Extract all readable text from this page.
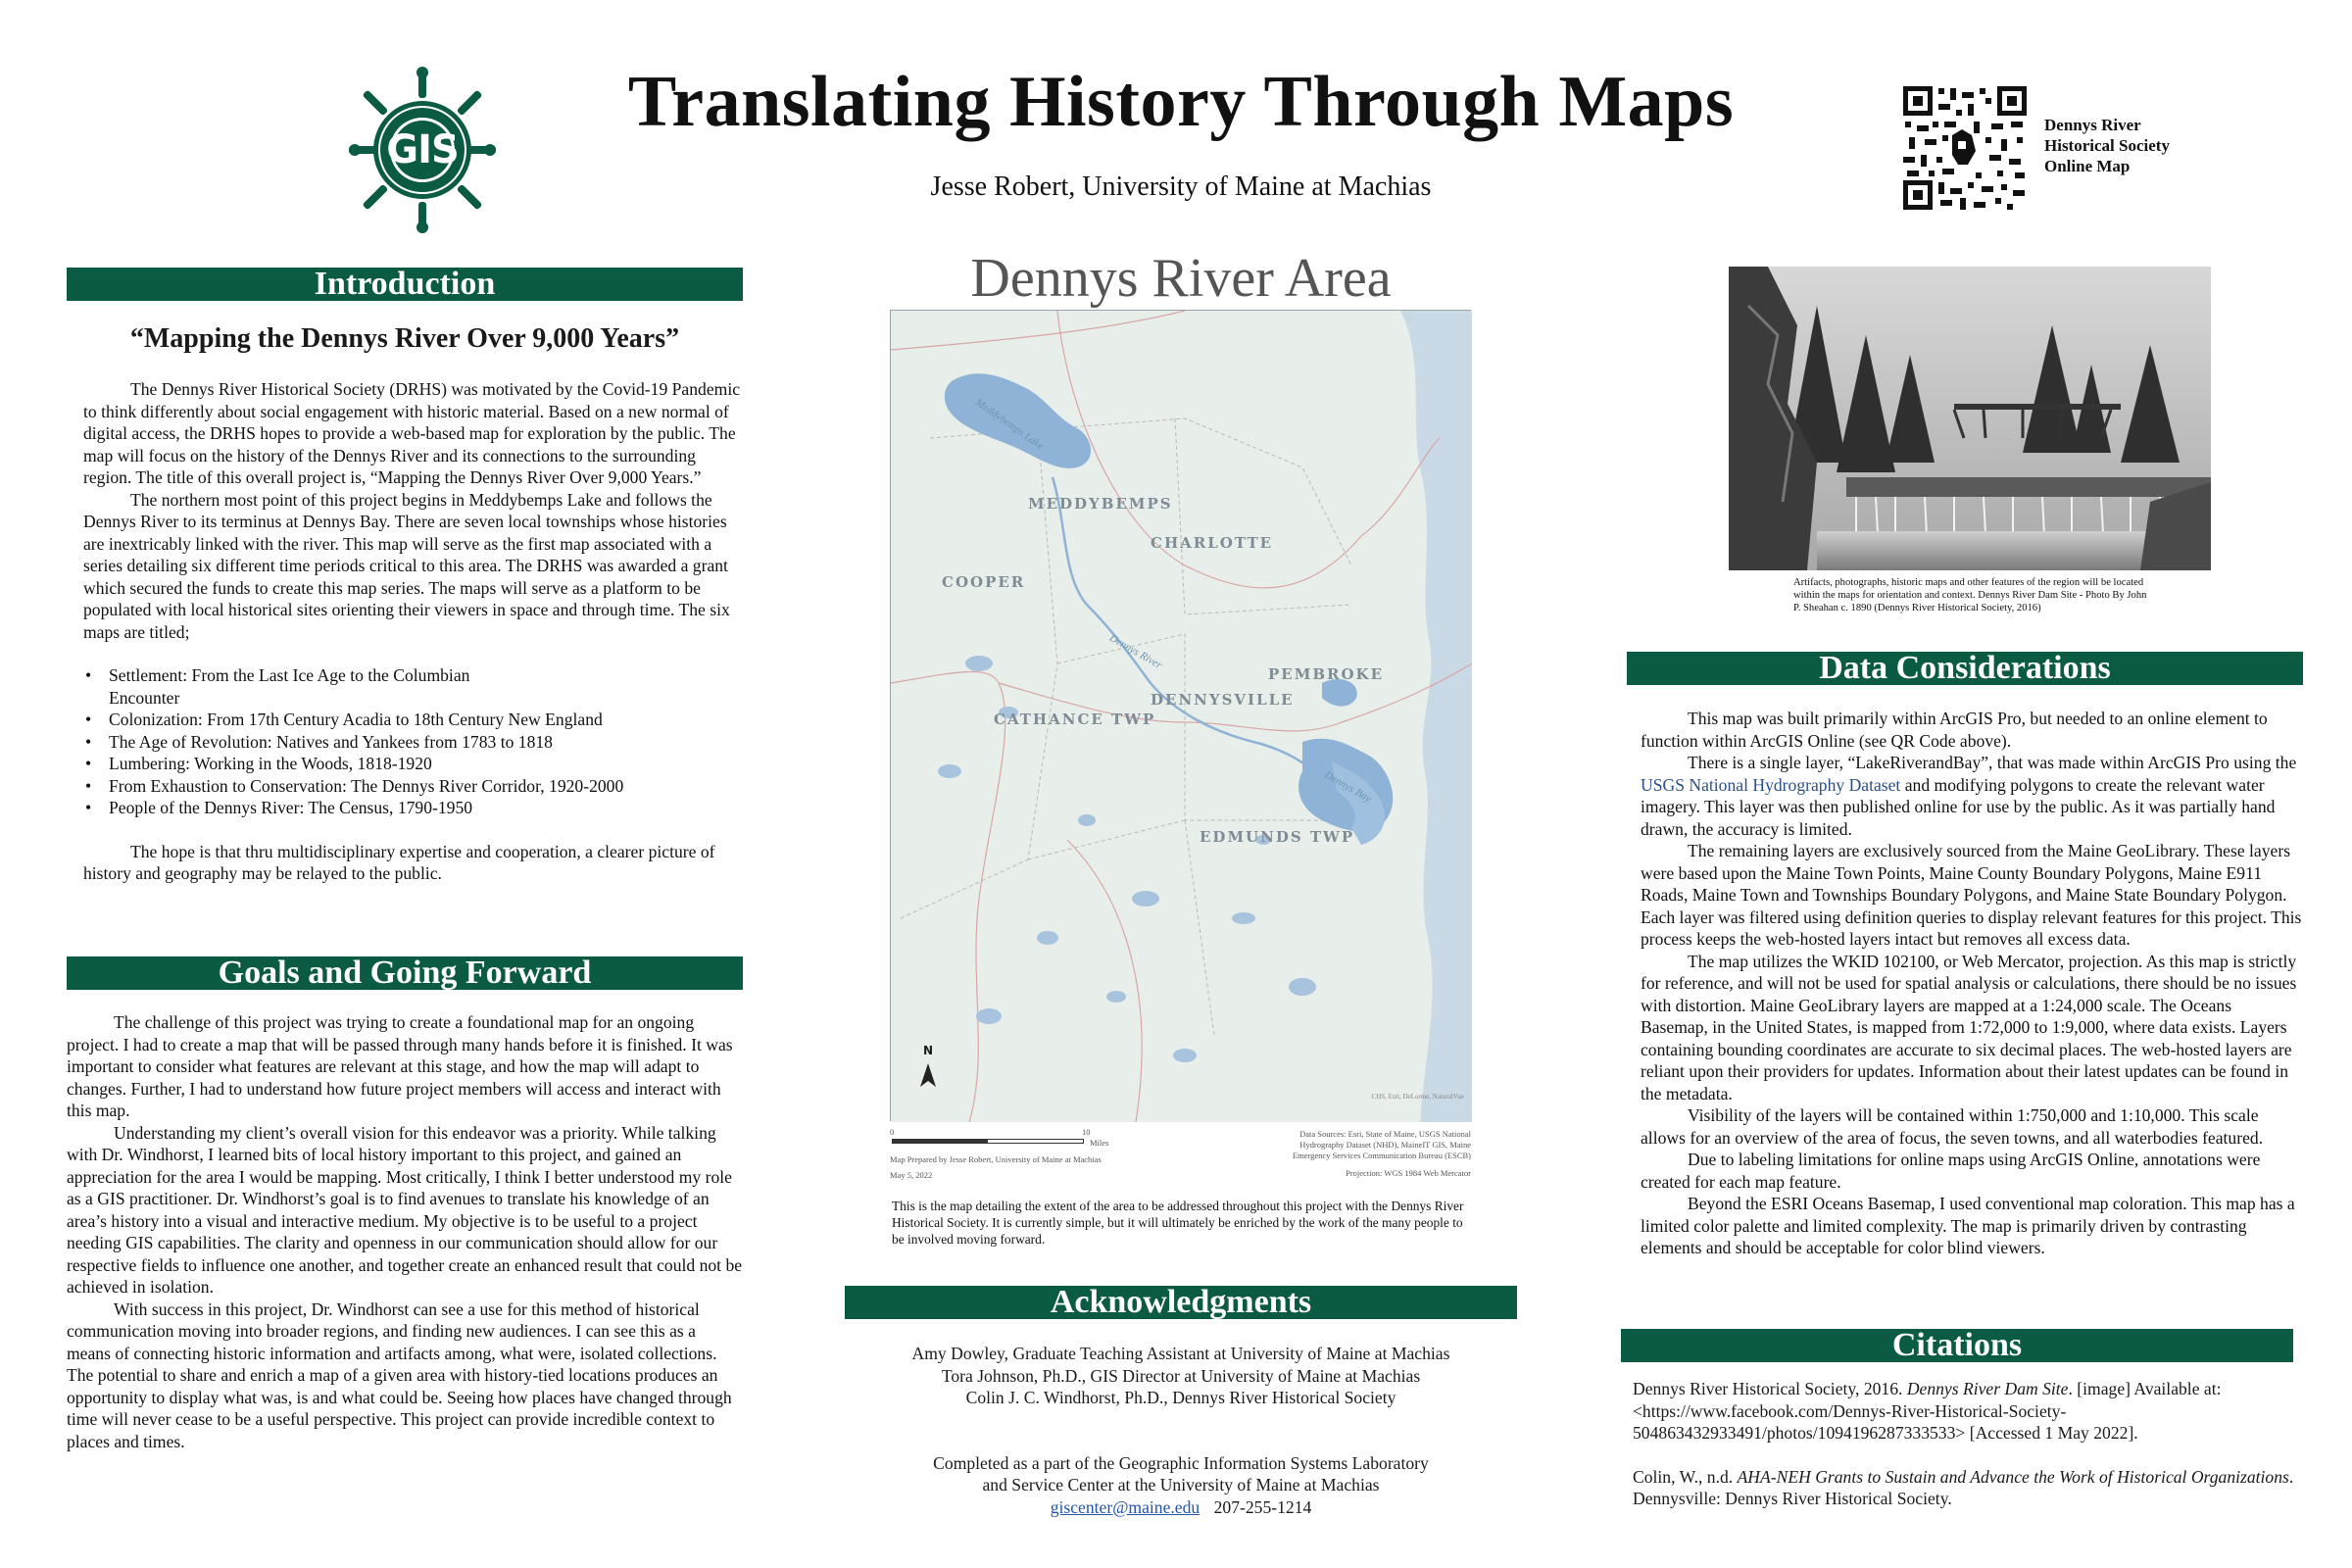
GIS
Translating History Through Maps
Jesse Robert, University of Maine at Machias
Dennys River
Historical Society
Online Map
Introduction
“Mapping the Dennys River Over 9,000 Years”

The Dennys River Historical Society (DRHS) was motivated by the Covid-19 Pandemic to think differently about social engagement with historic material. Based on a new normal of digital access, the DRHS hopes to provide a web-based map for exploration by the public. The map will focus on the history of the Dennys River and its connections to the surrounding region. The title of this overall project is, “Mapping the Dennys River Over 9,000 Years.”

The northern most point of this project begins in Meddybemps Lake and follows the Dennys River to its terminus at Dennys Bay. There are seven local townships whose histories are inextricably linked with the river. This map will serve as the first map associated with a series detailing six different time periods critical to this area. The DRHS was awarded a grant which secured the funds to create this map series. The maps will serve as a platform to be populated with local historical sites orienting their viewers in space and through time. The six maps are titled;

• Settlement: From the Last Ice Age to the Columbian Encounter
• Colonization: From 17th Century Acadia to 18th Century New England
• The Age of Revolution: Natives and Yankees from 1783 to 1818
• Lumbering: Working in the Woods, 1818-1920
• From Exhaustion to Conservation: The Dennys River Corridor, 1920-2000
• People of the Dennys River: The Census, 1790-1950

The hope is that thru multidisciplinary expertise and cooperation, a clearer picture of history and geography may be relayed to the public.

Goals and Going Forward

The challenge of this project was trying to create a foundational map for an ongoing project. I had to create a map that will be passed through many hands before it is finished. It was important to consider what features are relevant at this stage, and how the map will adapt to changes. Further, I had to understand how future project members will access and interact with this map.

Understanding my client’s overall vision for this endeavor was a priority. While talking with Dr. Windhorst, I learned bits of local history important to this project, and gained an appreciation for the area I would be mapping. Most critically, I think I better understood my role as a GIS practitioner. Dr. Windhorst’s goal is to find avenues to translate his knowledge of an area’s history into a visual and interactive medium. My objective is to be useful to a project needing GIS capabilities. The clarity and openness in our communication should allow for our respective fields to influence one another, and together create an enhanced result that could not be achieved in isolation.

With success in this project, Dr. Windhorst can see a use for this method of historical communication moving into broader regions, and finding new audiences. I can see this as a means of connecting historic information and artifacts among, what were, isolated collections. The potential to share and enrich a map of a given area with history-tied locations produces an opportunity to display what was, is and what could be. Seeing how places have changed through time will never cease to be a useful perspective. This project can provide incredible context to places and times.

Dennys River Area
MEDDYBEMPS
CHARLOTTE
COOPER
PEMBROKE
DENNYSVILLE
CATHANCE TWP
EDMUNDS TWP
Meddybemps Lake
Dennys River
Dennys Bay
N
CHS, Esri, DeLorme, NaturalVue
0	10
Miles
Map Prepared by Jesse Robert, University of Maine at Machias
May 5, 2022
Data Sources: Esri, State of Maine, USGS National Hydrography Dataset (NHD), MaineIT GIS, Maine Emergency Services Communication Bureau (ESCB)
Projection: WGS 1984 Web Mercator
This is the map detailing the extent of the area to be addressed throughout this project with the Dennys River Historical Society. It is currently simple, but it will ultimately be enriched by the work of the many people to be involved moving forward.
Acknowledgments
Amy Dowley, Graduate Teaching Assistant at University of Maine at Machias
Tora Johnson, Ph.D., GIS Director at University of Maine at Machias
Colin J. C. Windhorst, Ph.D., Dennys River Historical Society
Completed as a part of the Geographic Information Systems Laboratory
and Service Center at the University of Maine at Machias
giscenter@maine.edu 207-255-1214
Artifacts, photographs, historic maps and other features of the region will be located within the maps for orientation and context. Dennys River Dam Site - Photo By John P. Sheahan c. 1890 (Dennys River Historical Society, 2016)
Data Considerations

This map was built primarily within ArcGIS Pro, but needed to an online element to function within ArcGIS Online (see QR Code above).

There is a single layer, “LakeRiverandBay”, that was made within ArcGIS Pro using the USGS National Hydrography Dataset and modifying polygons to create the relevant water imagery. This layer was then published online for use by the public. As it was partially hand drawn, the accuracy is limited.

The remaining layers are exclusively sourced from the Maine GeoLibrary. These layers were based upon the Maine Town Points, Maine County Boundary Polygons, Maine E911 Roads, Maine Town and Townships Boundary Polygons, and Maine State Boundary Polygon. Each layer was filtered using definition queries to display relevant features for this project. This process keeps the web-hosted layers intact but removes all excess data.

The map utilizes the WKID 102100, or Web Mercator, projection. As this map is strictly for reference, and will not be used for spatial analysis or calculations, there should be no issues with distortion. Maine GeoLibrary layers are mapped at a 1:24,000 scale. The Oceans Basemap, in the United States, is mapped from 1:72,000 to 1:9,000, where data exists. Layers containing bounding coordinates are accurate to six decimal places. The web-hosted layers are reliant upon their providers for updates. Information about their latest updates can be found in the metadata.

Visibility of the layers will be contained within 1:750,000 and 1:10,000. This scale allows for an overview of the area of focus, the seven towns, and all waterbodies featured.

Due to labeling limitations for online maps using ArcGIS Online, annotations were created for each map feature.

Beyond the ESRI Oceans Basemap, I used conventional map coloration. This map has a limited color palette and limited complexity. The map is primarily driven by contrasting elements and should be acceptable for color blind viewers.

Citations
Dennys River Historical Society, 2016. Dennys River Dam Site. [image] Available at: <https://www.facebook.com/Dennys-River-Historical-Society-504863432933491/photos/1094196287333533> [Accessed 1 May 2022].
Colin, W., n.d. AHA-NEH Grants to Sustain and Advance the Work of Historical Organizations. Dennysville: Dennys River Historical Society.
